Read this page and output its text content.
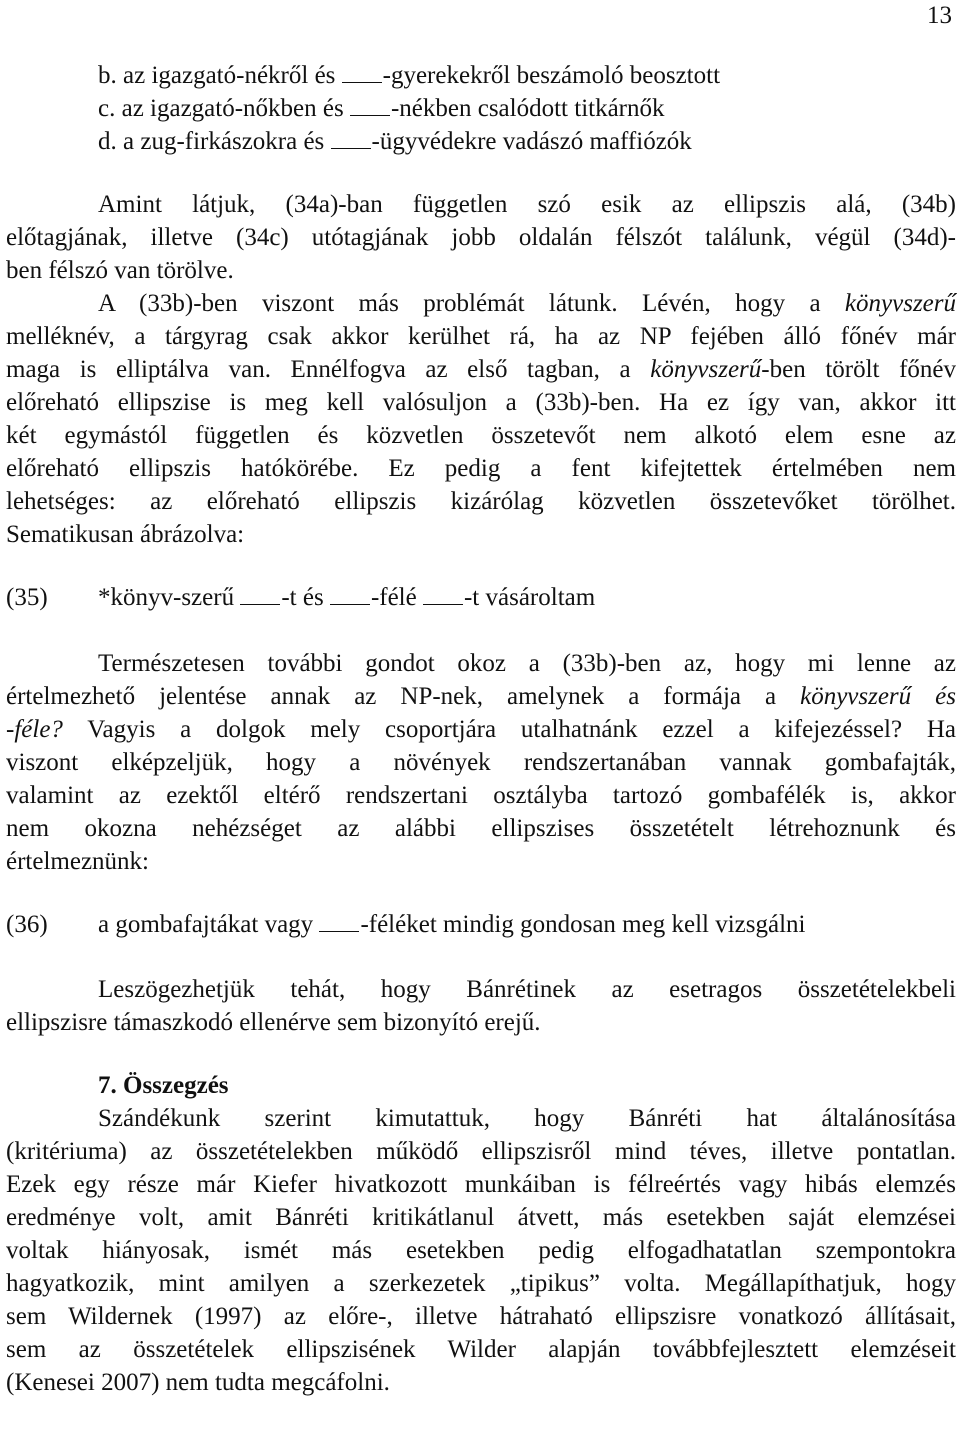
13
b. az igazgató-nékről és -gyerekekről beszámoló beosztott
c. az igazgató-nőkben és -nékben csalódott titkárnők
d. a zug-firkászokra és -ügyvédekre vadászó maffiózók
Amint látjuk, (34a)-ban független szó esik az ellipszis alá, (34b)
előtagjának, illetve (34c) utótagjának jobb oldalán félszót találunk, végül (34d)-
ben félszó van törölve.
A (33b)-ben viszont más problémát látunk. Lévén, hogy a könyvszerű
melléknév, a tárgyrag csak akkor kerülhet rá, ha az NP fejében álló főnév már
maga is elliptálva van. Ennélfogva az első tagban, a könyvszerű-ben törölt főnév
előreható ellipszise is meg kell valósuljon a (33b)-ben. Ha ez így van, akkor itt
két egymástól független és közvetlen összetevőt nem alkotó elem esne az
előreható ellipszis hatókörébe. Ez pedig a fent kifejtettek értelmében nem
lehetséges: az előreható ellipszis kizárólag közvetlen összetevőket törölhet.
Sematikusan ábrázolva:
(35)	*könyv-szerű -t és -félé -t vásároltam
Természetesen további gondot okoz a (33b)-ben az, hogy mi lenne az
értelmezhető jelentése annak az NP-nek, amelynek a formája a könyvszerű és
-féle? Vagyis a dolgok mely csoportjára utalhatnánk ezzel a kifejezéssel? Ha
viszont elképzeljük, hogy a növények rendszertanában vannak gombafajták,
valamint az ezektől eltérő rendszertani osztályba tartozó gombafélék is, akkor
nem okozna nehézséget az alábbi ellipszises összetételt létrehoznunk és
értelmeznünk:
(36)	a gombafajtákat vagy -féléket mindig gondosan meg kell vizsgálni
Leszögezhetjük tehát, hogy Bánrétinek az esetragos összetételekbeli
ellipszisre támaszkodó ellenérve sem bizonyító erejű.
7. Összegzés
Szándékunk szerint kimutattuk, hogy Bánréti hat általánosítása
(kritériuma) az összetételekben működő ellipszisről mind téves, illetve pontatlan.
Ezek egy része már Kiefer hivatkozott munkáiban is félreértés vagy hibás elemzés
eredménye volt, amit Bánréti kritikátlanul átvett, más esetekben saját elemzései
voltak hiányosak, ismét más esetekben pedig elfogadhatatlan szempontokra
hagyatkozik, mint amilyen a szerkezetek „tipikus” volta. Megállapíthatjuk, hogy
sem Wildernek (1997) az előre-, illetve hátraható ellipszisre vonatkozó állításait,
sem az összetételek ellipszisének Wilder alapján továbbfejlesztett elemzéseit
(Kenesei 2007) nem tudta megcáfolni.
